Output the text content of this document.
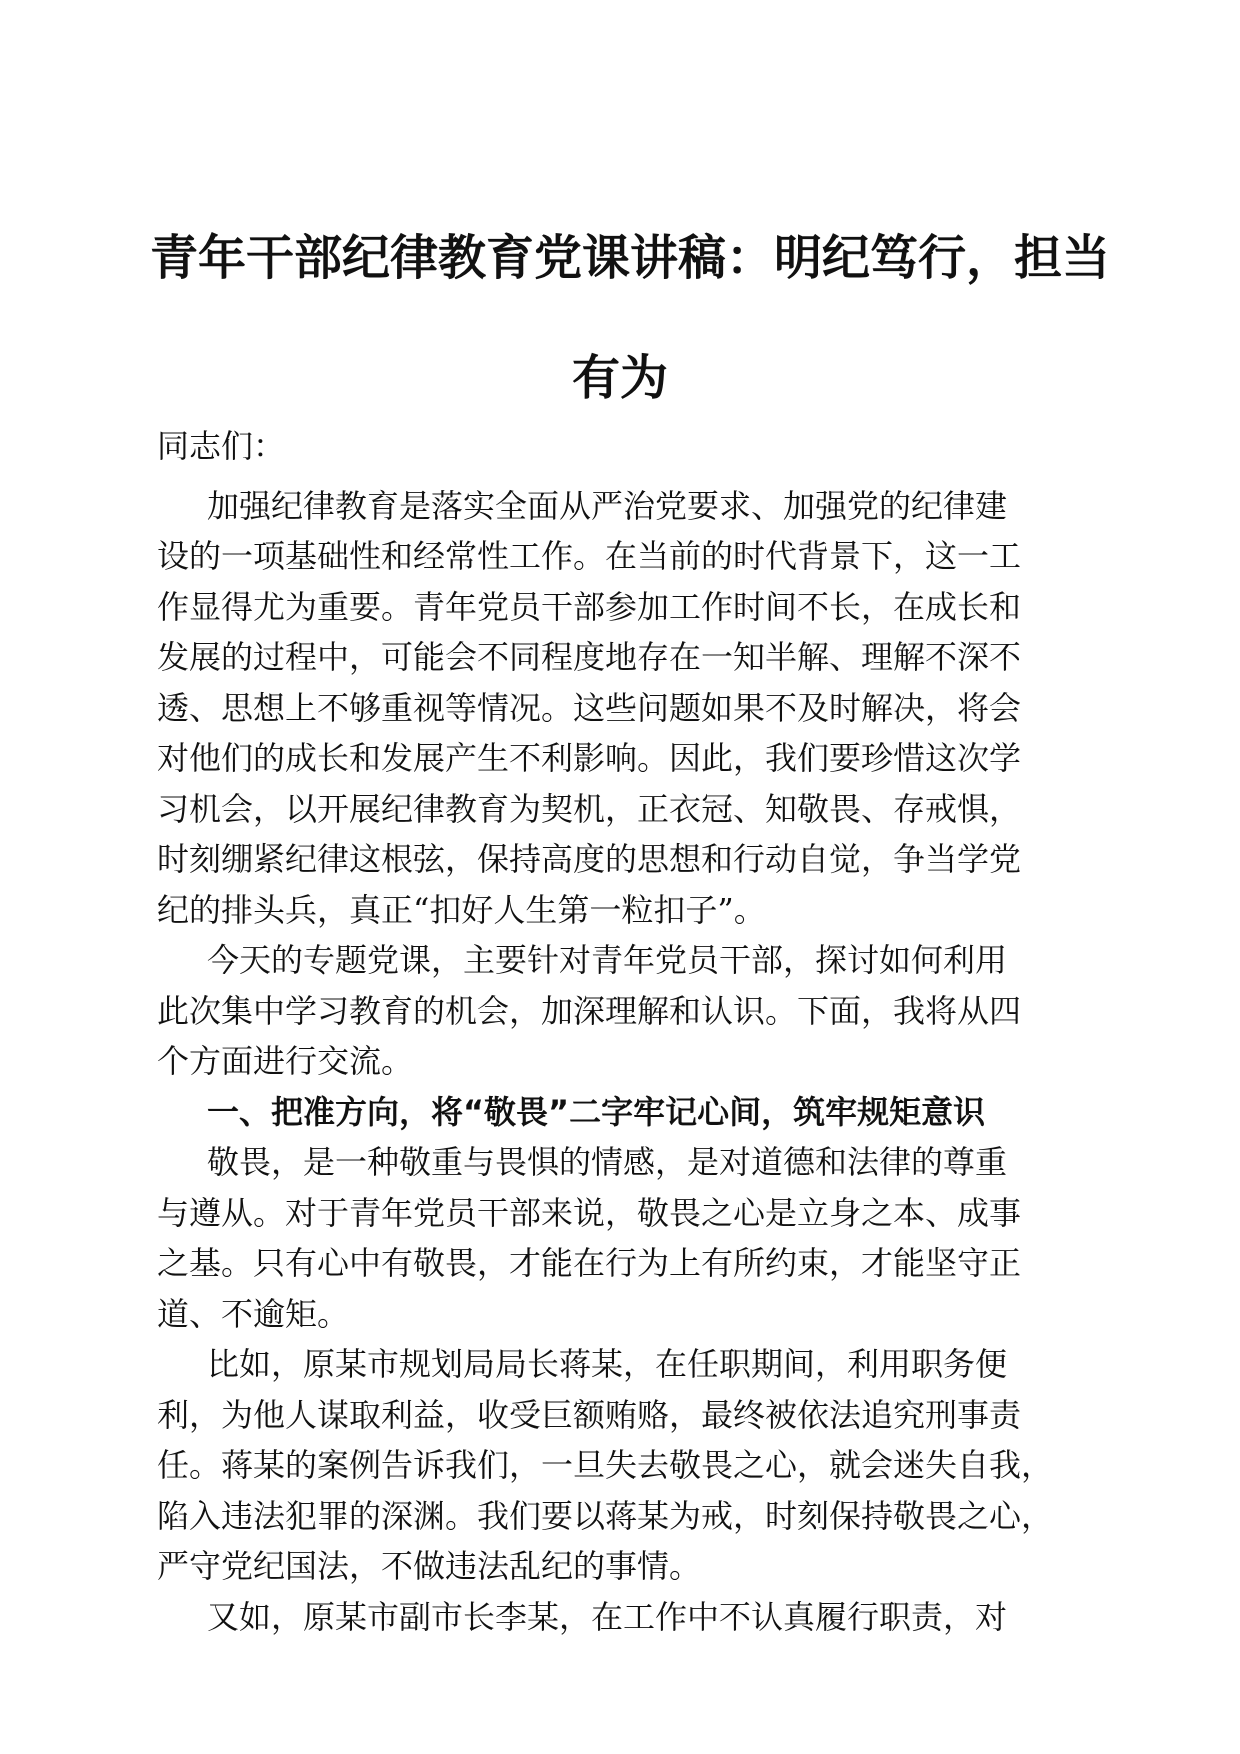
青年干部纪律教育党课讲稿：明纪笃行，担当
有为

同志们：

加强纪律教育是落实全面从严治党要求、加强党的纪律建

设的一项基础性和经常性工作。在当前的时代背景下，这一工

作显得尤为重要。青年党员干部参加工作时间不长，在成长和

发展的过程中，可能会不同程度地存在一知半解、理解不深不

透、思想上不够重视等情况。这些问题如果不及时解决，将会

对他们的成长和发展产生不利影响。因此，我们要珍惜这次学

习机会，以开展纪律教育为契机，正衣冠、知敬畏、存戒惧，

时刻绷紧纪律这根弦，保持高度的思想和行动自觉，争当学党

纪的排头兵，真正“扣好人生第一粒扣子”。

今天的专题党课，主要针对青年党员干部，探讨如何利用

此次集中学习教育的机会，加深理解和认识。下面，我将从四

个方面进行交流。

一、把准方向，将“敬畏”二字牢记心间，筑牢规矩意识

敬畏，是一种敬重与畏惧的情感，是对道德和法律的尊重

与遵从。对于青年党员干部来说，敬畏之心是立身之本、成事

之基。只有心中有敬畏，才能在行为上有所约束，才能坚守正

道、不逾矩。

比如，原某市规划局局长蒋某，在任职期间，利用职务便

利，为他人谋取利益，收受巨额贿赂，最终被依法追究刑事责

任。蒋某的案例告诉我们，一旦失去敬畏之心，就会迷失自我，

陷入违法犯罪的深渊。我们要以蒋某为戒，时刻保持敬畏之心，

严守党纪国法，不做违法乱纪的事情。

又如，原某市副市长李某，在工作中不认真履行职责，对
